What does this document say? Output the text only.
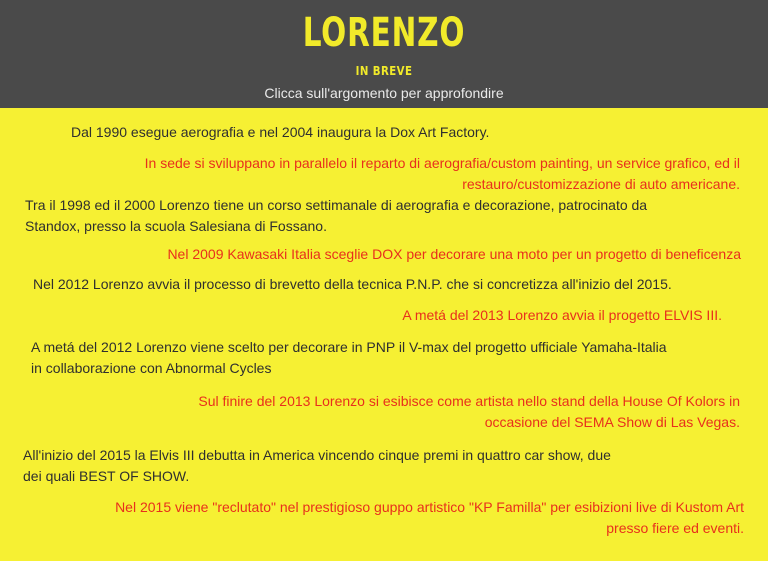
LORENZO
IN BREVE
Clicca sull'argomento per approfondire

Dal 1990 esegue aerografia e nel 2004 inaugura la Dox Art Factory.

In sede si sviluppano in parallelo il reparto di aerografia/custom painting, un service grafico, ed il restauro/customizzazione di auto americane.

Tra il 1998 ed il 2000 Lorenzo tiene un corso settimanale di aerografia e decorazione, patrocinato da Standox, presso la scuola Salesiana di Fossano.

Nel 2009 Kawasaki Italia sceglie DOX per decorare una moto per un progetto di beneficenza

Nel 2012 Lorenzo avvia il processo di brevetto della tecnica P.N.P. che si concretizza all'inizio del 2015.

A metá del 2013 Lorenzo avvia il progetto ELVIS III.

A metá del 2012 Lorenzo viene scelto per decorare in PNP il V-max del progetto ufficiale Yamaha-Italia in collaborazione con Abnormal Cycles

Sul finire del 2013 Lorenzo si esibisce come artista nello stand della House Of Kolors in occasione del SEMA Show di Las Vegas.

All'inizio del 2015 la Elvis III debutta in America vincendo cinque premi in quattro car show, due dei quali BEST OF SHOW.

Nel 2015 viene "reclutato" nel prestigioso guppo artistico "KP Familla" per esibizioni live di Kustom Art presso fiere ed eventi.
